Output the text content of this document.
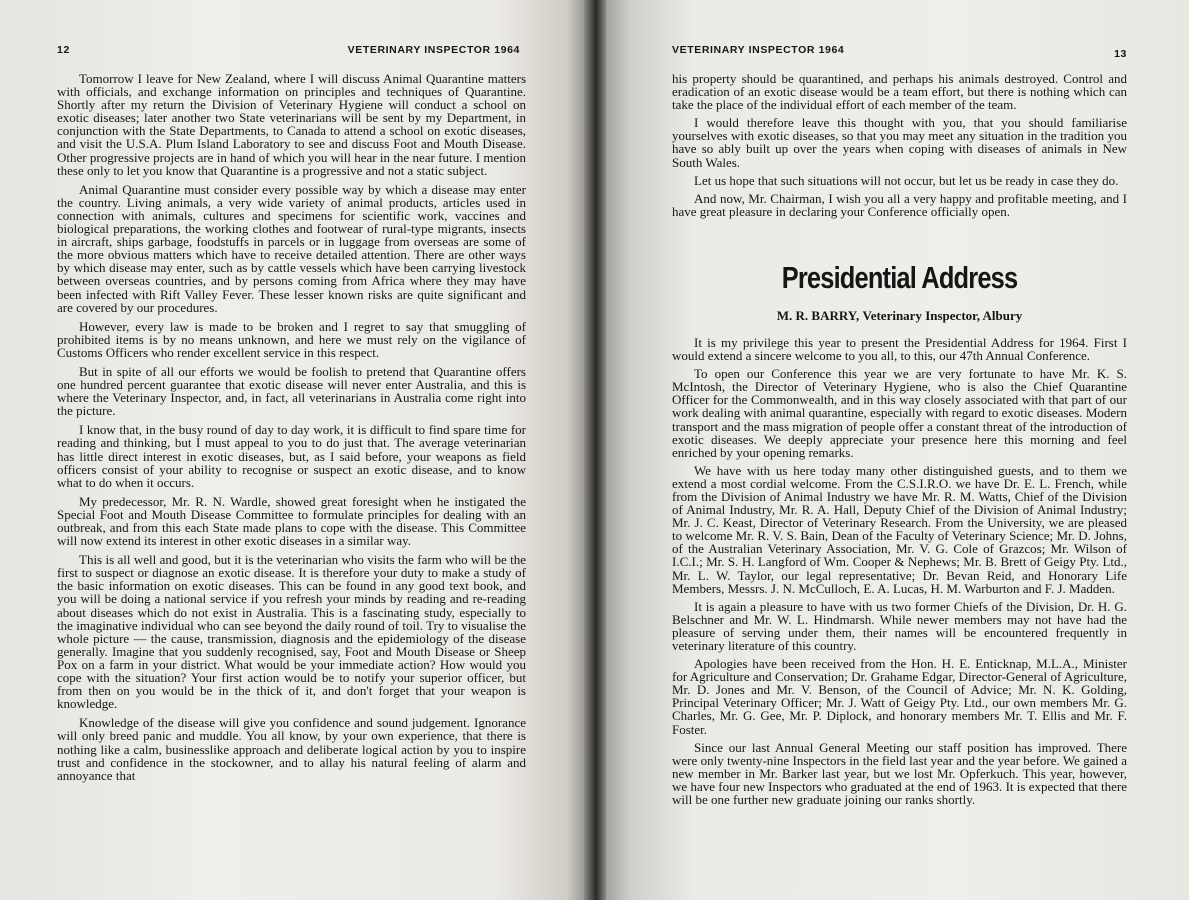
12	VETERINARY INSPECTOR 1964

Tomorrow I leave for New Zealand, where I will discuss Animal Quarantine matters with officials, and exchange information on principles and techniques of Quarantine. Shortly after my return the Division of Veterinary Hygiene will conduct a school on exotic diseases; later another two State veterinarians will be sent by my Department, in conjunction with the State Departments, to Canada to attend a school on exotic diseases, and visit the U.S.A. Plum Island Laboratory to see and discuss Foot and Mouth Disease. Other progressive projects are in hand of which you will hear in the near future. I mention these only to let you know that Quarantine is a progressive and not a static subject.

Animal Quarantine must consider every possible way by which a disease may enter the country. Living animals, a very wide variety of animal products, articles used in connection with animals, cultures and specimens for scientific work, vaccines and biological preparations, the working clothes and footwear of rural-type migrants, insects in aircraft, ships garbage, foodstuffs in parcels or in luggage from overseas are some of the more obvious matters which have to receive detailed attention. There are other ways by which disease may enter, such as by cattle vessels which have been carrying livestock between overseas countries, and by persons coming from Africa where they may have been infected with Rift Valley Fever. These lesser known risks are quite significant and are covered by our procedures.

However, every law is made to be broken and I regret to say that smuggling of prohibited items is by no means unknown, and here we must rely on the vigilance of Customs Officers who render excellent service in this respect.

But in spite of all our efforts we would be foolish to pretend that Quarantine offers one hundred percent guarantee that exotic disease will never enter Australia, and this is where the Veterinary Inspector, and, in fact, all veterinarians in Australia come right into the picture.

I know that, in the busy round of day to day work, it is difficult to find spare time for reading and thinking, but I must appeal to you to do just that. The average veterinarian has little direct interest in exotic diseases, but, as I said before, your weapons as field officers consist of your ability to recognise or suspect an exotic disease, and to know what to do when it occurs.

My predecessor, Mr. R. N. Wardle, showed great foresight when he instigated the Special Foot and Mouth Disease Committee to formulate principles for dealing with an outbreak, and from this each State made plans to cope with the disease. This Committee will now extend its interest in other exotic diseases in a similar way.

This is all well and good, but it is the veterinarian who visits the farm who will be the first to suspect or diagnose an exotic disease. It is therefore your duty to make a study of the basic information on exotic diseases. This can be found in any good text book, and you will be doing a national service if you refresh your minds by reading and re-reading about diseases which do not exist in Australia. This is a fascinating study, especially to the imaginative individual who can see beyond the daily round of toil. Try to visualise the whole picture — the cause, transmission, diagnosis and the epidemiology of the disease generally. Imagine that you suddenly recognised, say, Foot and Mouth Disease or Sheep Pox on a farm in your district. What would be your immediate action? How would you cope with the situation? Your first action would be to notify your superior officer, but from then on you would be in the thick of it, and don't forget that your weapon is knowledge.

Knowledge of the disease will give you confidence and sound judgement. Ignorance will only breed panic and muddle. You all know, by your own experience, that there is nothing like a calm, businesslike approach and deliberate logical action by you to inspire trust and confidence in the stockowner, and to allay his natural feeling of alarm and annoyance that

VETERINARY INSPECTOR 1964	13

his property should be quarantined, and perhaps his animals destroyed. Control and eradication of an exotic disease would be a team effort, but there is nothing which can take the place of the individual effort of each member of the team.

I would therefore leave this thought with you, that you should familiarise yourselves with exotic diseases, so that you may meet any situation in the tradition you have so ably built up over the years when coping with diseases of animals in New South Wales.

Let us hope that such situations will not occur, but let us be ready in case they do.

And now, Mr. Chairman, I wish you all a very happy and profitable meeting, and I have great pleasure in declaring your Conference officially open.

Presidential Address
M. R. BARRY, Veterinary Inspector, Albury

It is my privilege this year to present the Presidential Address for 1964. First I would extend a sincere welcome to you all, to this, our 47th Annual Conference.

To open our Conference this year we are very fortunate to have Mr. K. S. McIntosh, the Director of Veterinary Hygiene, who is also the Chief Quarantine Officer for the Commonwealth, and in this way closely associated with that part of our work dealing with animal quarantine, especially with regard to exotic diseases. Modern transport and the mass migration of people offer a constant threat of the introduction of exotic diseases. We deeply appreciate your presence here this morning and feel enriched by your opening remarks.

We have with us here today many other distinguished guests, and to them we extend a most cordial welcome. From the C.S.I.R.O. we have Dr. E. L. French, while from the Division of Animal Industry we have Mr. R. M. Watts, Chief of the Division of Animal Industry, Mr. R. A. Hall, Deputy Chief of the Division of Animal Industry; Mr. J. C. Keast, Director of Veterinary Research. From the University, we are pleased to welcome Mr. R. V. S. Bain, Dean of the Faculty of Veterinary Science; Mr. D. Johns, of the Australian Veterinary Association, Mr. V. G. Cole of Grazcos; Mr. Wilson of I.C.I.; Mr. S. H. Langford of Wm. Cooper & Nephews; Mr. B. Brett of Geigy Pty. Ltd., Mr. L. W. Taylor, our legal representative; Dr. Bevan Reid, and Honorary Life Members, Messrs. J. N. McCulloch, E. A. Lucas, H. M. Warburton and F. J. Madden.

It is again a pleasure to have with us two former Chiefs of the Division, Dr. H. G. Belschner and Mr. W. L. Hindmarsh. While newer members may not have had the pleasure of serving under them, their names will be encountered frequently in veterinary literature of this country.

Apologies have been received from the Hon. H. E. Enticknap, M.L.A., Minister for Agriculture and Conservation; Dr. Grahame Edgar, Director-General of Agriculture, Mr. D. Jones and Mr. V. Benson, of the Council of Advice; Mr. N. K. Golding, Principal Veterinary Officer; Mr. J. Watt of Geigy Pty. Ltd., our own members Mr. G. Charles, Mr. G. Gee, Mr. P. Diplock, and honorary members Mr. T. Ellis and Mr. F. Foster.

Since our last Annual General Meeting our staff position has improved. There were only twenty-nine Inspectors in the field last year and the year before. We gained a new member in Mr. Barker last year, but we lost Mr. Opferkuch. This year, however, we have four new Inspectors who graduated at the end of 1963. It is expected that there will be one further new graduate joining our ranks shortly.
